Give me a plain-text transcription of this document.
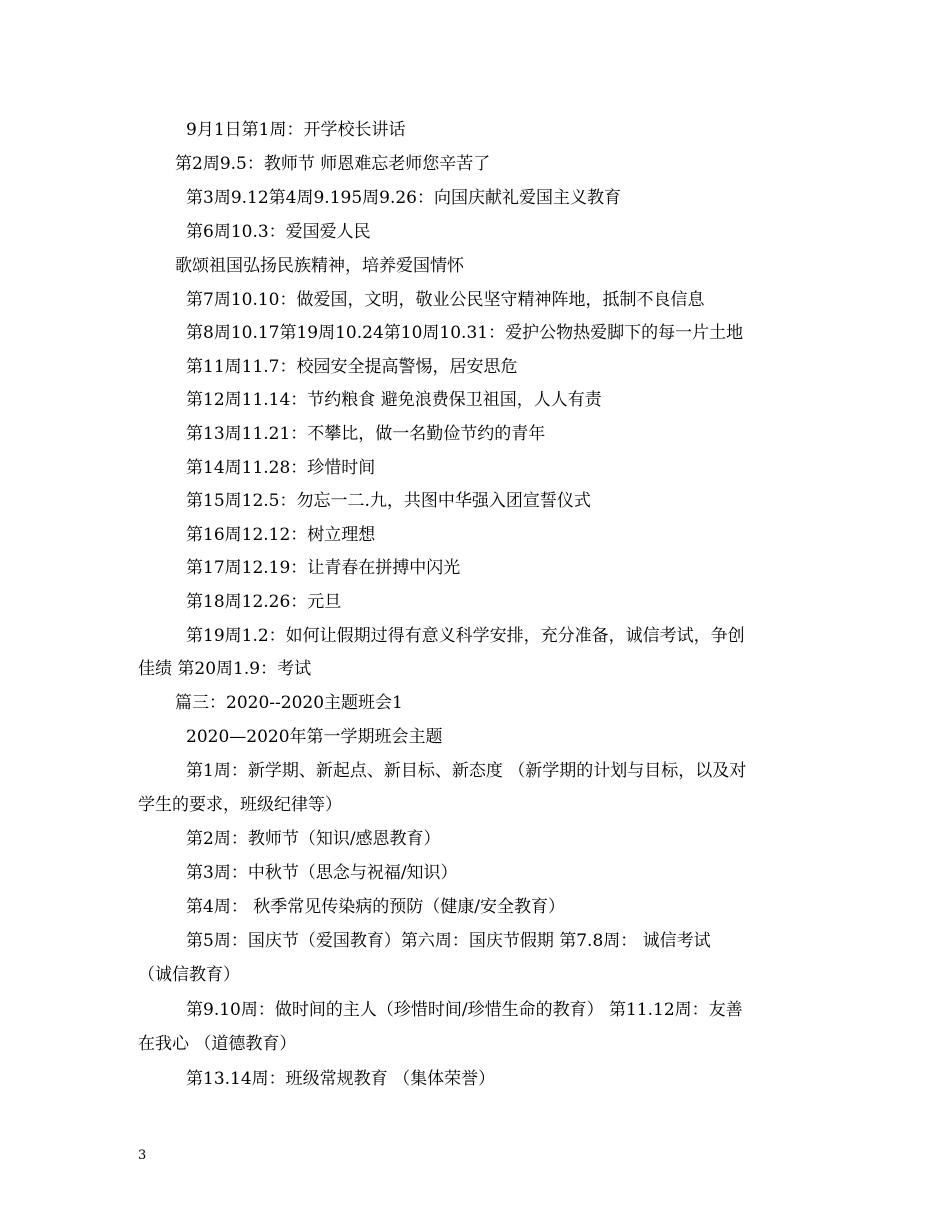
9月1日第1周：开学校长讲话
第2周9.5：教师节 师恩难忘老师您辛苦了
第3周9.12第4周9.195周9.26：向国庆献礼爱国主义教育
第6周10.3：爱国爱人民
歌颂祖国弘扬民族精神，培养爱国情怀
第7周10.10：做爱国，文明，敬业公民坚守精神阵地，抵制不良信息
第8周10.17第19周10.24第10周10.31：爱护公物热爱脚下的每一片土地
第11周11.7：校园安全提高警惕，居安思危
第12周11.14：节约粮食 避免浪费保卫祖国，人人有责
第13周11.21：不攀比，做一名勤俭节约的青年
第14周11.28：珍惜时间
第15周12.5：勿忘一二.九，共图中华强入团宣誓仪式
第16周12.12：树立理想
第17周12.19：让青春在拼搏中闪光
第18周12.26：元旦
第19周1.2：如何让假期过得有意义科学安排，充分准备，诚信考试，争创
佳绩 第20周1.9：考试
篇三：2020--2020主题班会1
2020—2020年第一学期班会主题
第1周：新学期、新起点、新目标、新态度 （新学期的计划与目标，以及对
学生的要求，班级纪律等）
第2周：教师节（知识/感恩教育）
第3周：中秋节（思念与祝福/知识）
第4周： 秋季常见传染病的预防（健康/安全教育）
第5周：国庆节（爱国教育）第六周：国庆节假期 第7.8周： 诚信考试
（诚信教育）
第9.10周：做时间的主人（珍惜时间/珍惜生命的教育） 第11.12周：友善
在我心 （道德教育）
第13.14周：班级常规教育 （集体荣誉）
3
